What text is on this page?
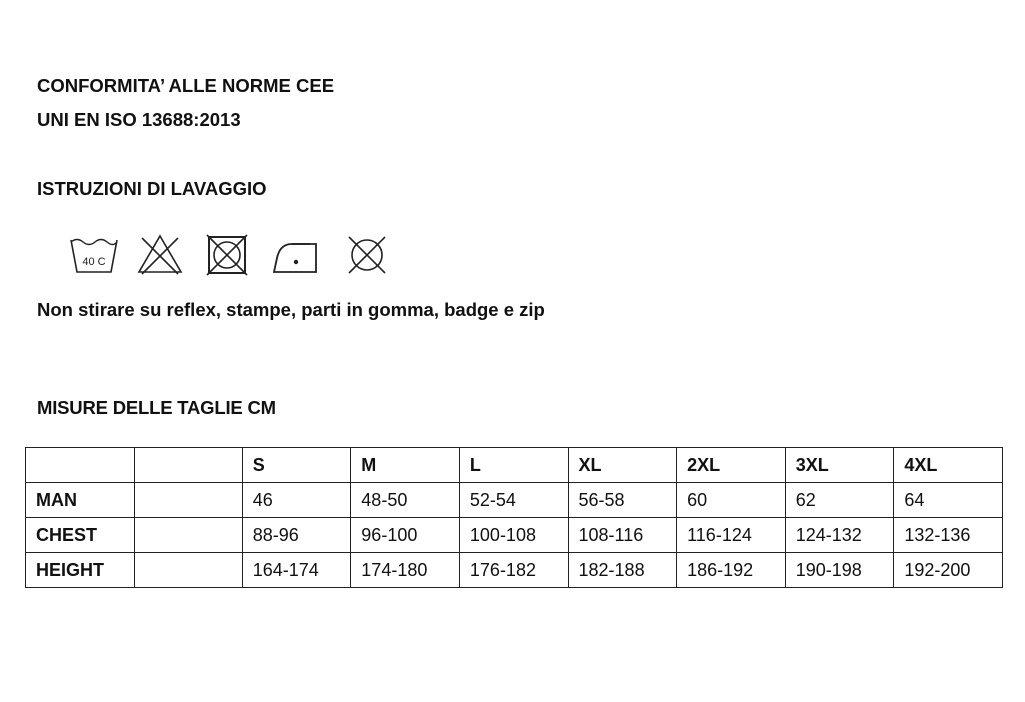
CONFORMITA’ ALLE NORME CEE

UNI EN ISO 13688:2013

ISTRUZIONI DI LAVAGGIO

40 C

Non stirare su reflex, stampe, parti in gomma, badge e zip

MISURE DELLE TAGLIE CM

		S	M	L	XL	2XL	3XL	4XL
MAN		46	48-50	52-54	56-58	60	62	64
CHEST		88-96	96-100	100-108	108-116	116-124	124-132	132-136
HEIGHT		164-174	174-180	176-182	182-188	186-192	190-198	192-200
